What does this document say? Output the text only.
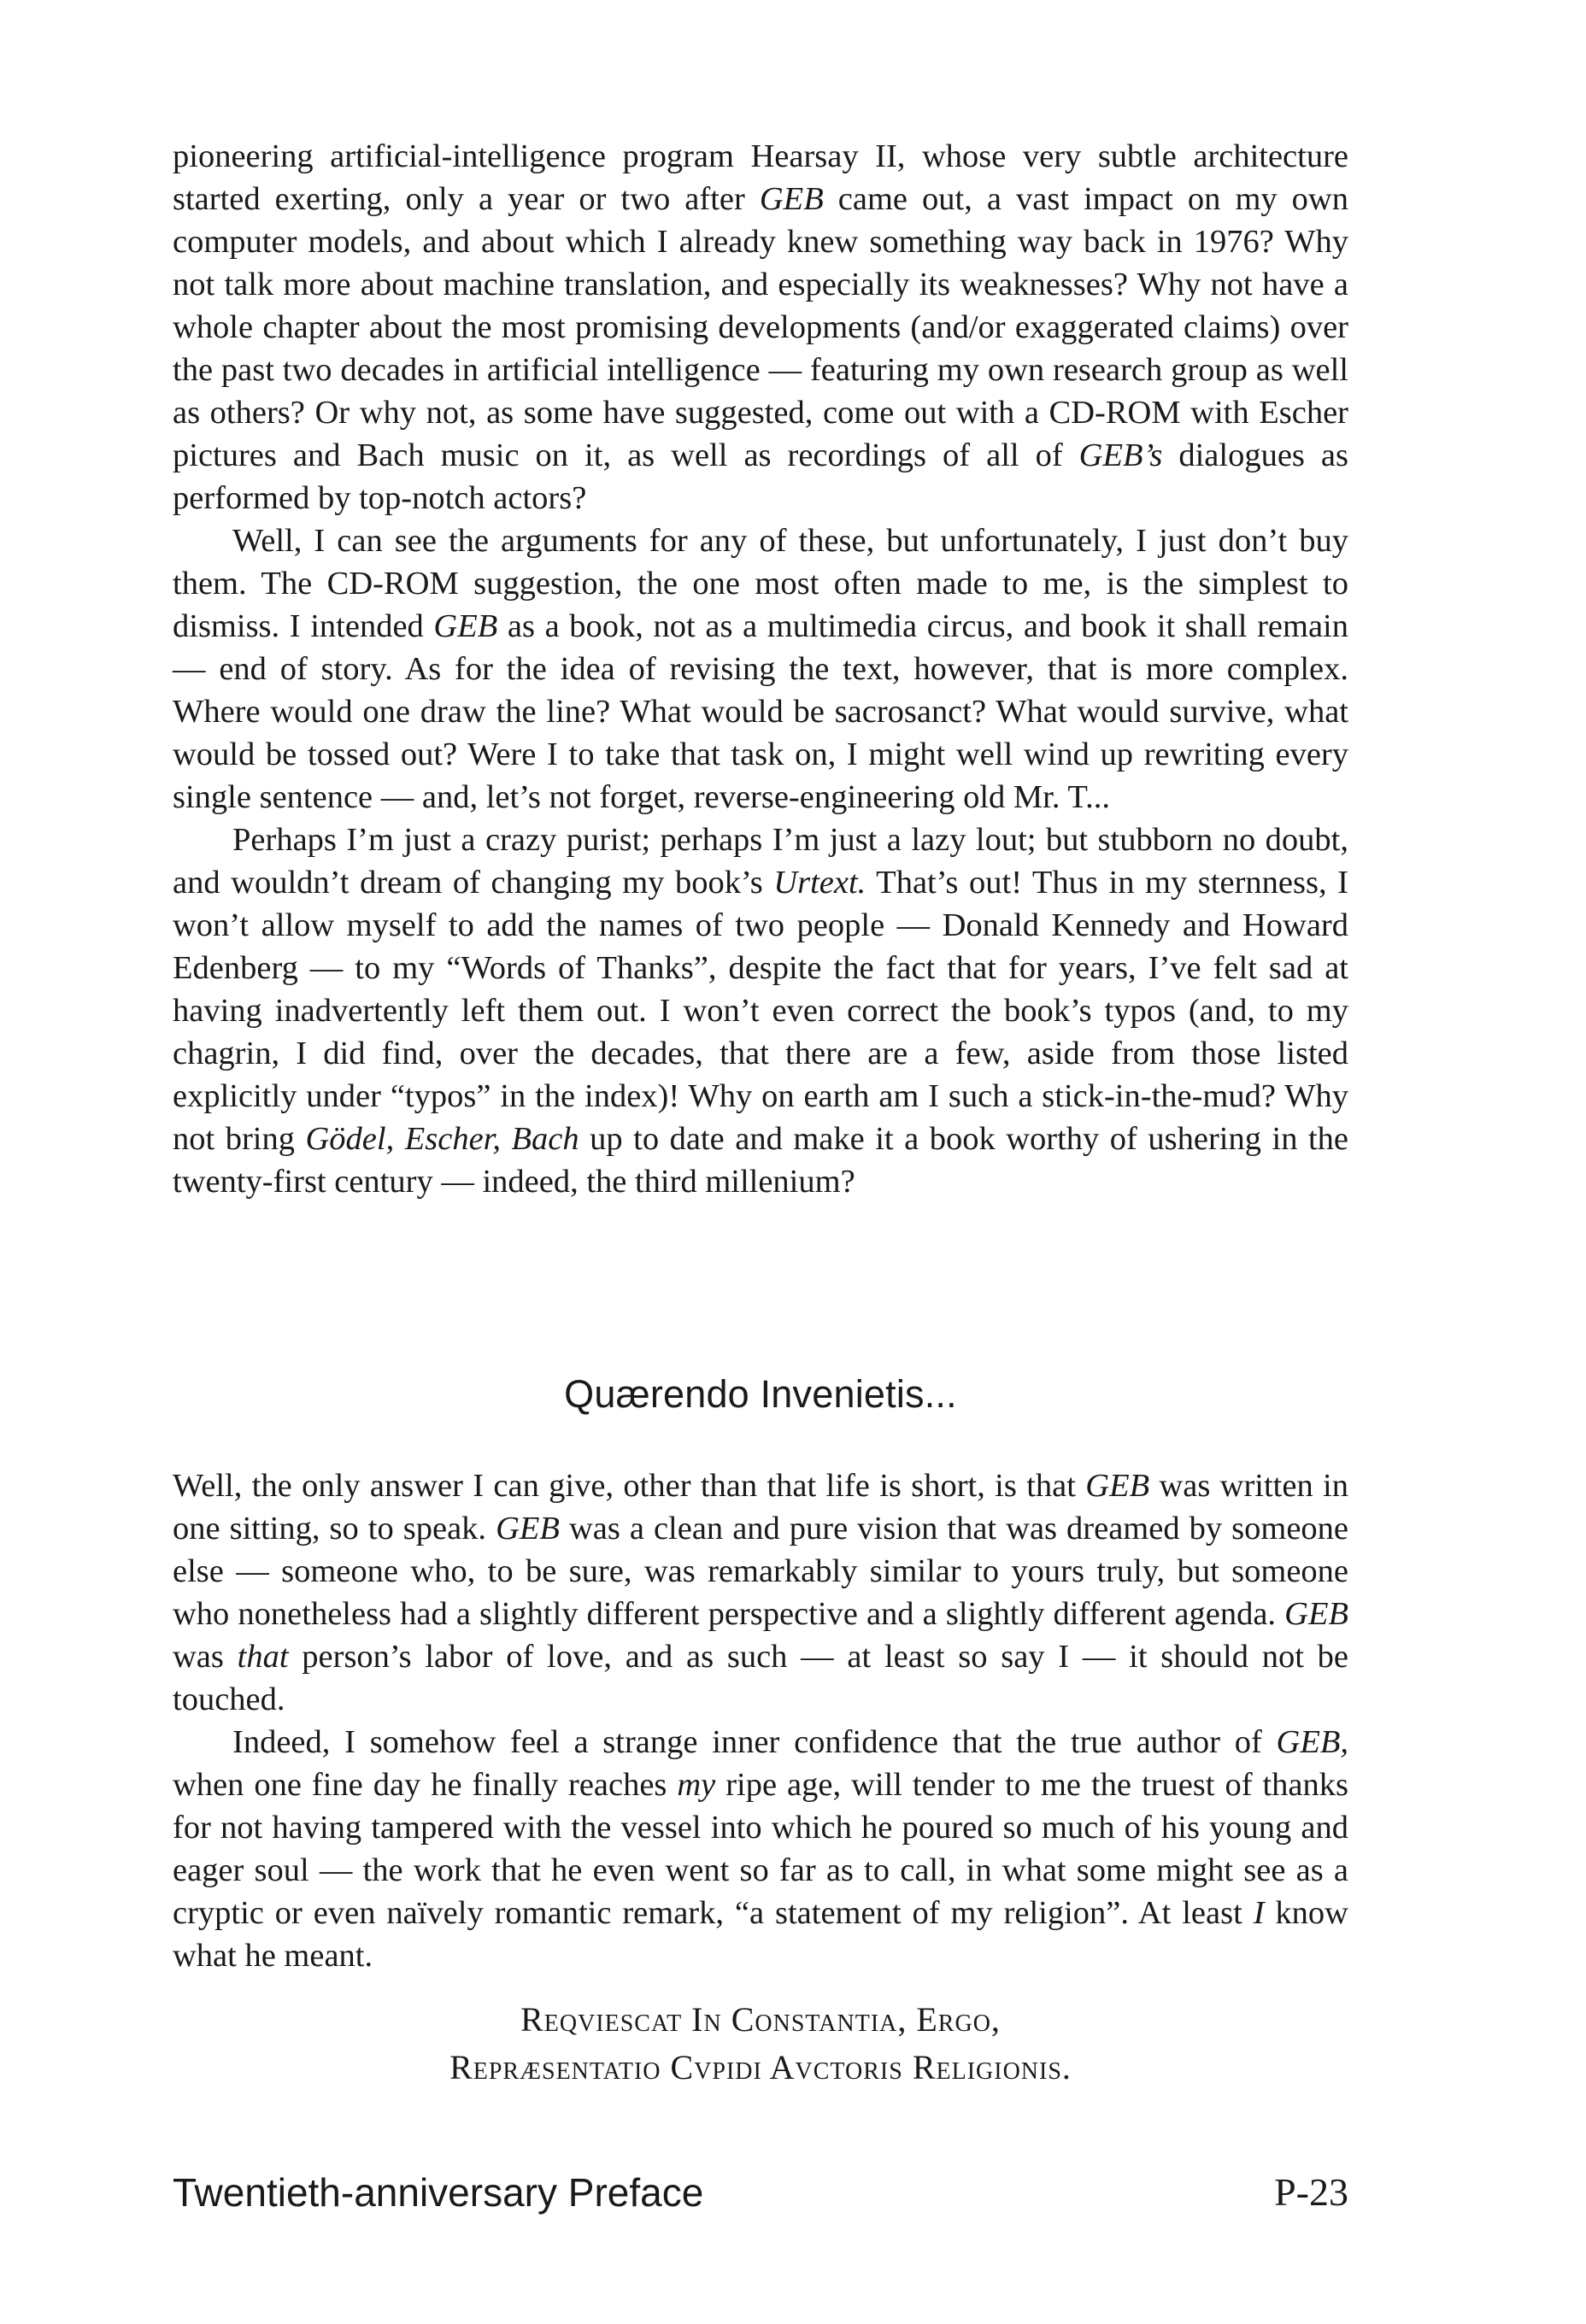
pioneering artificial-intelligence program Hearsay II, whose very subtle architecture started exerting, only a year or two after GEB came out, a vast impact on my own computer models, and about which I already knew something way back in 1976? Why not talk more about machine translation, and especially its weaknesses? Why not have a whole chapter about the most promising developments (and/or exaggerated claims) over the past two decades in artificial intelligence — featuring my own research group as well as others? Or why not, as some have suggested, come out with a CD-ROM with Escher pictures and Bach music on it, as well as recordings of all of GEB’s dialogues as performed by top-notch actors?

Well, I can see the arguments for any of these, but unfortunately, I just don’t buy them. The CD-ROM suggestion, the one most often made to me, is the simplest to dismiss. I intended GEB as a book, not as a multimedia circus, and book it shall remain — end of story. As for the idea of revising the text, however, that is more complex. Where would one draw the line? What would be sacrosanct? What would survive, what would be tossed out? Were I to take that task on, I might well wind up rewriting every single sentence — and, let’s not forget, reverse-engineering old Mr. T...

Perhaps I’m just a crazy purist; perhaps I’m just a lazy lout; but stubborn no doubt, and wouldn’t dream of changing my book’s Urtext. That’s out! Thus in my sternness, I won’t allow myself to add the names of two people — Donald Kennedy and Howard Edenberg — to my “Words of Thanks”, despite the fact that for years, I’ve felt sad at having inadvertently left them out. I won’t even correct the book’s typos (and, to my chagrin, I did find, over the decades, that there are a few, aside from those listed explicitly under “typos” in the index)! Why on earth am I such a stick-in-the-mud? Why not bring Gödel, Escher, Bach up to date and make it a book worthy of ushering in the twenty-first century — indeed, the third millenium?

Quærendo Invenietis...

Well, the only answer I can give, other than that life is short, is that GEB was written in one sitting, so to speak. GEB was a clean and pure vision that was dreamed by someone else — someone who, to be sure, was remarkably similar to yours truly, but someone who nonetheless had a slightly different perspective and a slightly different agenda. GEB was that person’s labor of love, and as such — at least so say I — it should not be touched.

Indeed, I somehow feel a strange inner confidence that the true author of GEB, when one fine day he finally reaches my ripe age, will tender to me the truest of thanks for not having tampered with the vessel into which he poured so much of his young and eager soul — the work that he even went so far as to call, in what some might see as a cryptic or even naïvely romantic remark, “a statement of my religion”. At least I know what he meant.

Reqviescat In Constantia, Ergo,
Repræsentatio Cvpidi Avctoris Religionis.
Twentieth-anniversary Preface	P-23
